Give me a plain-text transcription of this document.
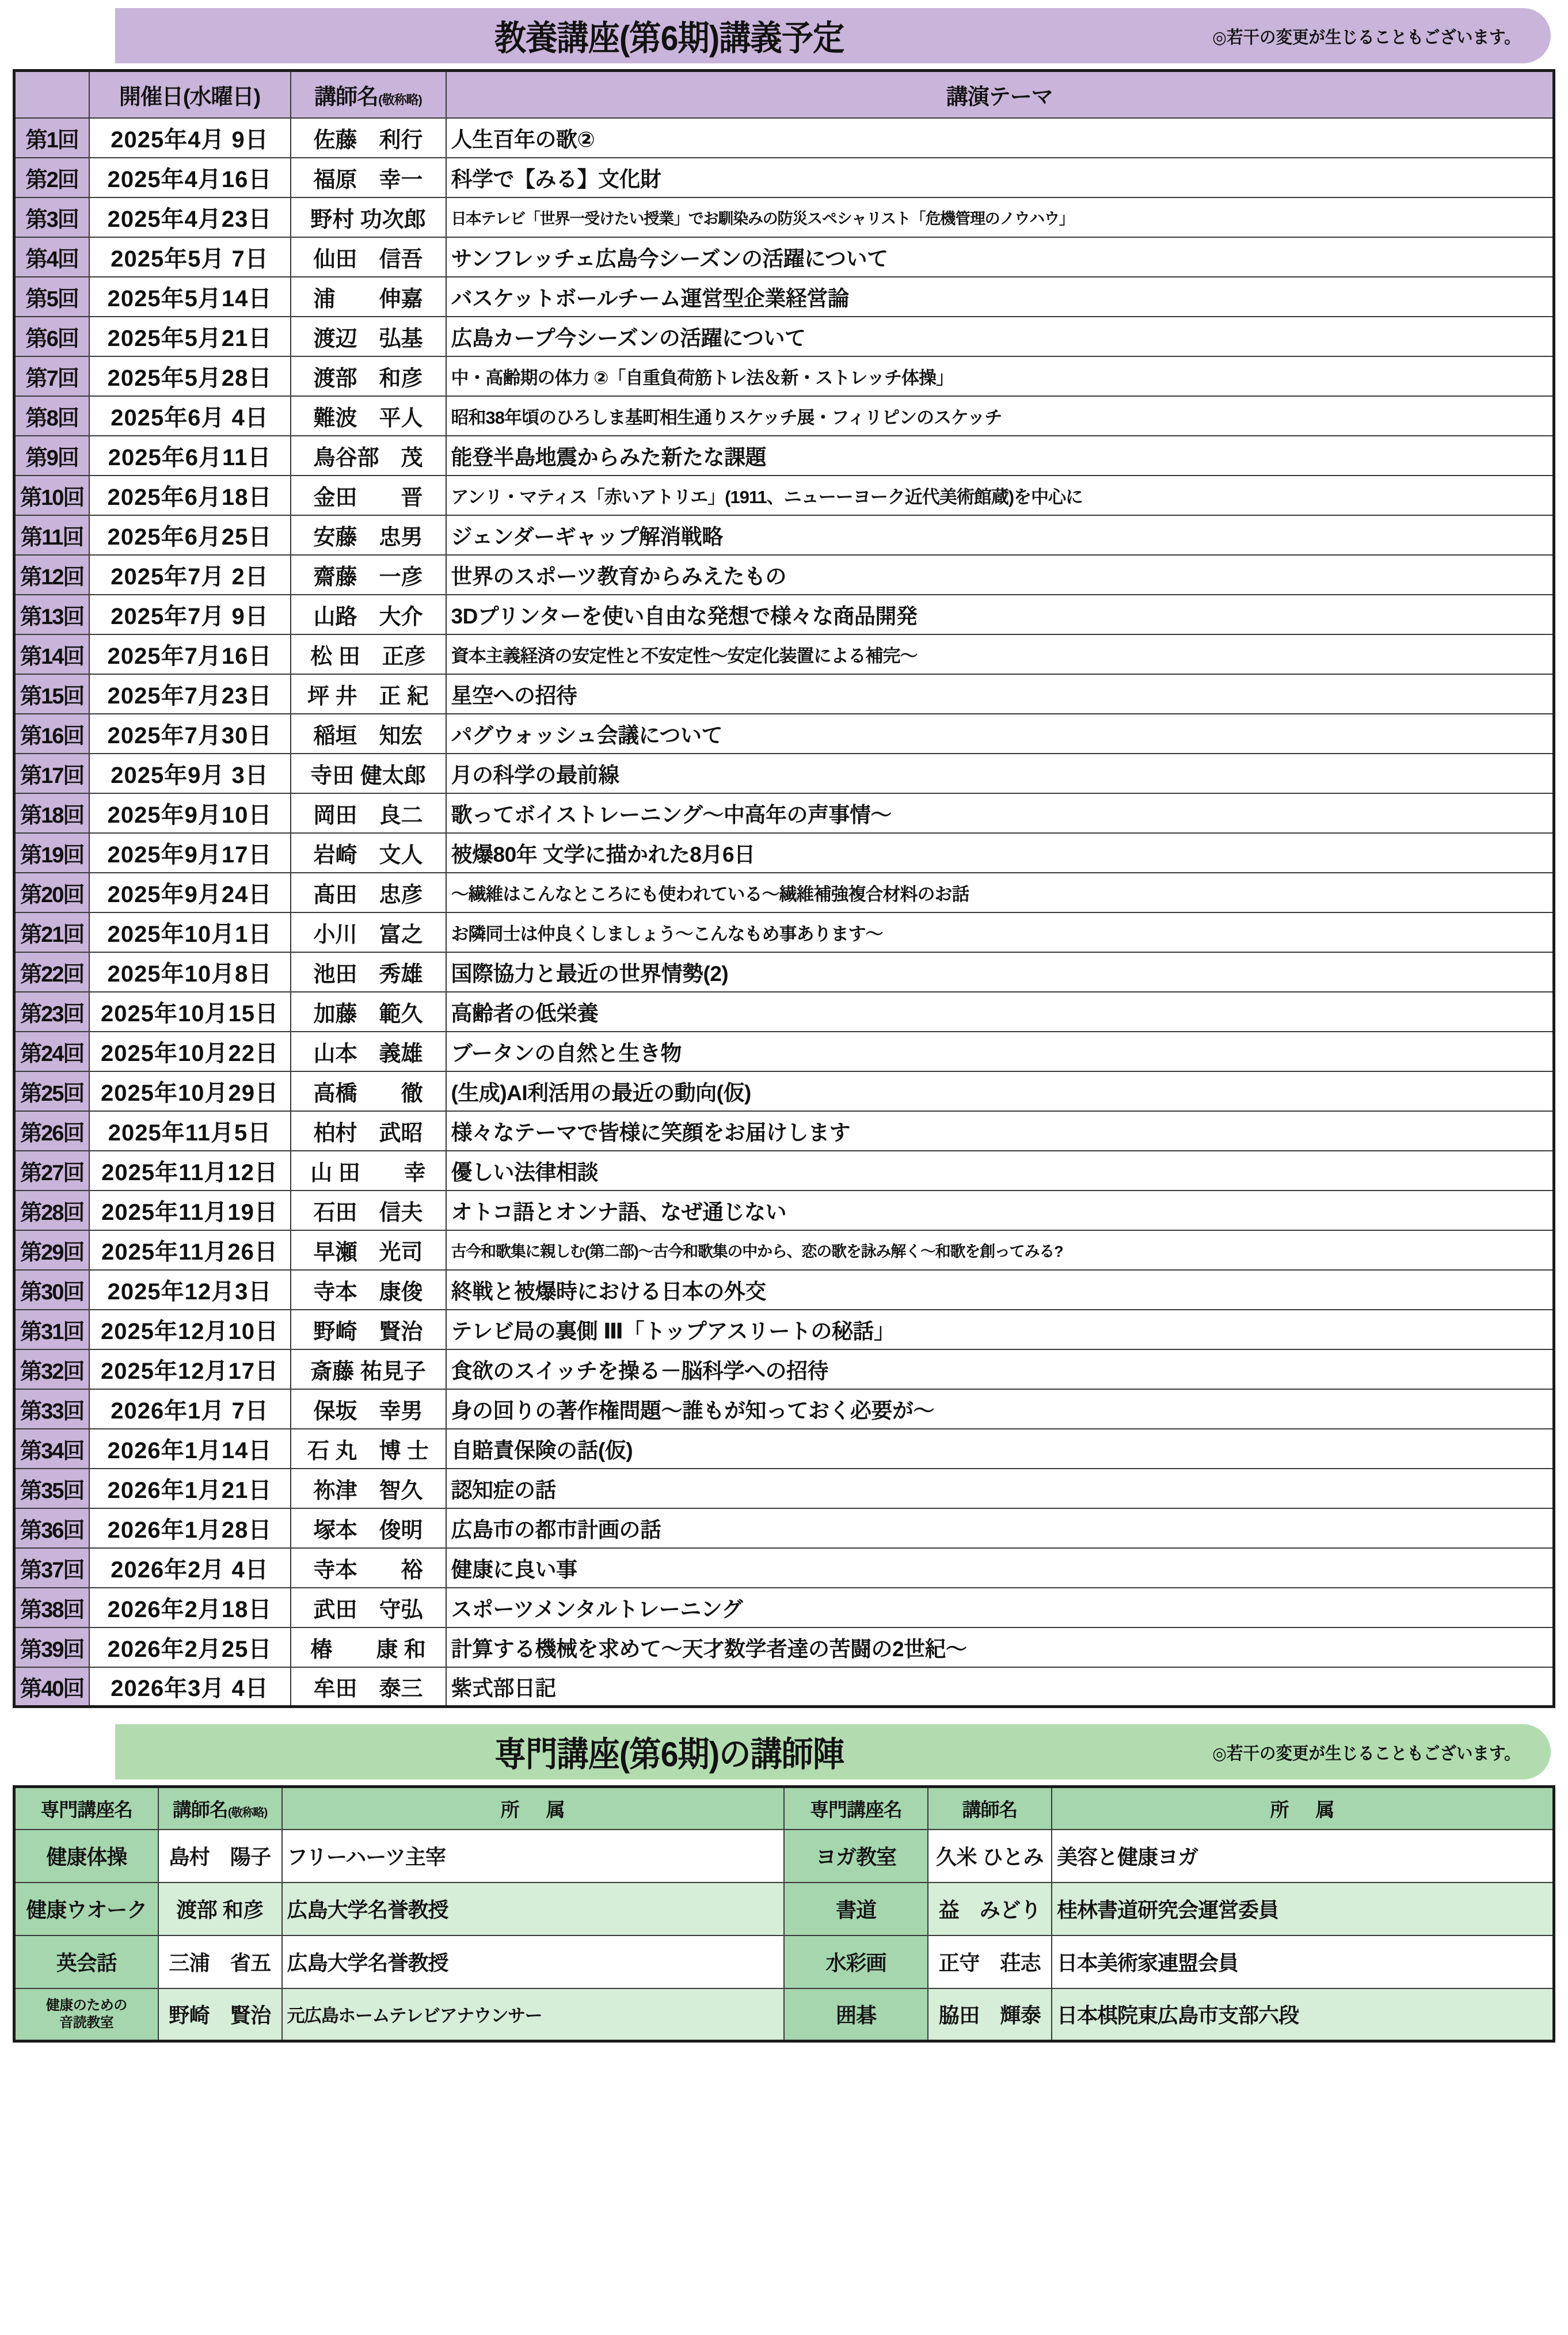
教養講座(第6期)講義予定	◎若干の変更が生じることもございます。
	開催日(水曜日)	講師名(敬称略)	講演テーマ
第1回	2025年4月 9日	佐藤　利行	人生百年の歌②
第2回	2025年4月16日	福原　幸一	科学で【みる】文化財
第3回	2025年4月23日	野村 功次郎	日本テレビ「世界一受けたい授業」でお馴染みの防災スペシャリスト「危機管理のノウハウ」
第4回	2025年5月 7日	仙田　信吾	サンフレッチェ広島今シーズンの活躍について
第5回	2025年5月14日	浦　　伸嘉	バスケットボールチーム運営型企業経営論
第6回	2025年5月21日	渡辺　弘基	広島カープ今シーズンの活躍について
第7回	2025年5月28日	渡部　和彦	中・高齢期の体力 ②「自重負荷筋トレ法＆新・ストレッチ体操」
第8回	2025年6月 4日	難波　平人	昭和38年頃のひろしま基町相生通りスケッチ展・フィリピンのスケッチ
第9回	2025年6月11日	鳥谷部　茂	能登半島地震からみた新たな課題
第10回	2025年6月18日	金田　　晋	アンリ・マティス「赤いアトリエ」(1911、ニューーヨーク近代美術館蔵)を中心に
第11回	2025年6月25日	安藤　忠男	ジェンダーギャップ解消戦略
第12回	2025年7月 2日	齋藤　一彦	世界のスポーツ教育からみえたもの
第13回	2025年7月 9日	山路　大介	3Dプリンターを使い自由な発想で様々な商品開発
第14回	2025年7月16日	松 田　正彦	資本主義経済の安定性と不安定性〜安定化装置による補完〜
第15回	2025年7月23日	坪 井　正 紀	星空への招待
第16回	2025年7月30日	稲垣　知宏	パグウォッシュ会議について
第17回	2025年9月 3日	寺田 健太郎	月の科学の最前線
第18回	2025年9月10日	岡田　良二	歌ってボイストレーニング〜中高年の声事情〜
第19回	2025年9月17日	岩崎　文人	被爆80年 文学に描かれた8月6日
第20回	2025年9月24日	髙田　忠彦	〜繊維はこんなところにも使われている〜繊維補強複合材料のお話
第21回	2025年10月1日	小川　富之	お隣同士は仲良くしましょう〜こんなもめ事あります〜
第22回	2025年10月8日	池田　秀雄	国際協力と最近の世界情勢(2)
第23回	2025年10月15日	加藤　範久	高齢者の低栄養
第24回	2025年10月22日	山本　義雄	ブータンの自然と生き物
第25回	2025年10月29日	高橋　　徹	(生成)AI利活用の最近の動向(仮)
第26回	2025年11月5日	柏村　武昭	様々なテーマで皆様に笑顔をお届けします
第27回	2025年11月12日	山 田　　幸	優しい法律相談
第28回	2025年11月19日	石田　信夫	オトコ語とオンナ語、なぜ通じない
第29回	2025年11月26日	早瀬　光司	古今和歌集に親しむ(第二部)〜古今和歌集の中から、恋の歌を詠み解く〜和歌を創ってみる?
第30回	2025年12月3日	寺本　康俊	終戦と被爆時における日本の外交
第31回	2025年12月10日	野崎　賢治	テレビ局の裏側 Ⅲ「トップアスリートの秘話」
第32回	2025年12月17日	斎藤 祐見子	食欲のスイッチを操る－脳科学への招待
第33回	2026年1月 7日	保坂　幸男	身の回りの著作権問題〜誰もが知っておく必要が〜
第34回	2026年1月14日	石 丸　博 士	自賠責保険の話(仮)
第35回	2026年1月21日	祢津　智久	認知症の話
第36回	2026年1月28日	塚本　俊明	広島市の都市計画の話
第37回	2026年2月 4日	寺本　　裕	健康に良い事
第38回	2026年2月18日	武田　守弘	スポーツメンタルトレーニング
第39回	2026年2月25日	椿　　康 和	計算する機械を求めて〜天才数学者達の苦闘の2世紀〜
第40回	2026年3月 4日	牟田　泰三	紫式部日記
専門講座(第6期)の講師陣	◎若干の変更が生じることもございます。
専門講座名	講師名(敬称略)	所属	専門講座名	講師名	所属
健康体操	島村　陽子	フリーハーツ主宰	ヨガ教室	久米 ひとみ	美容と健康ヨガ
健康ウオーク	渡部 和彦	広島大学名誉教授	書道	益　みどり	桂林書道研究会運営委員
英会話	三浦　省五	広島大学名誉教授	水彩画	正守　荘志	日本美術家連盟会員
健康のための
音読教室	野崎　賢治	元広島ホームテレビアナウンサー	囲碁	脇田　輝泰	日本棋院東広島市支部六段
